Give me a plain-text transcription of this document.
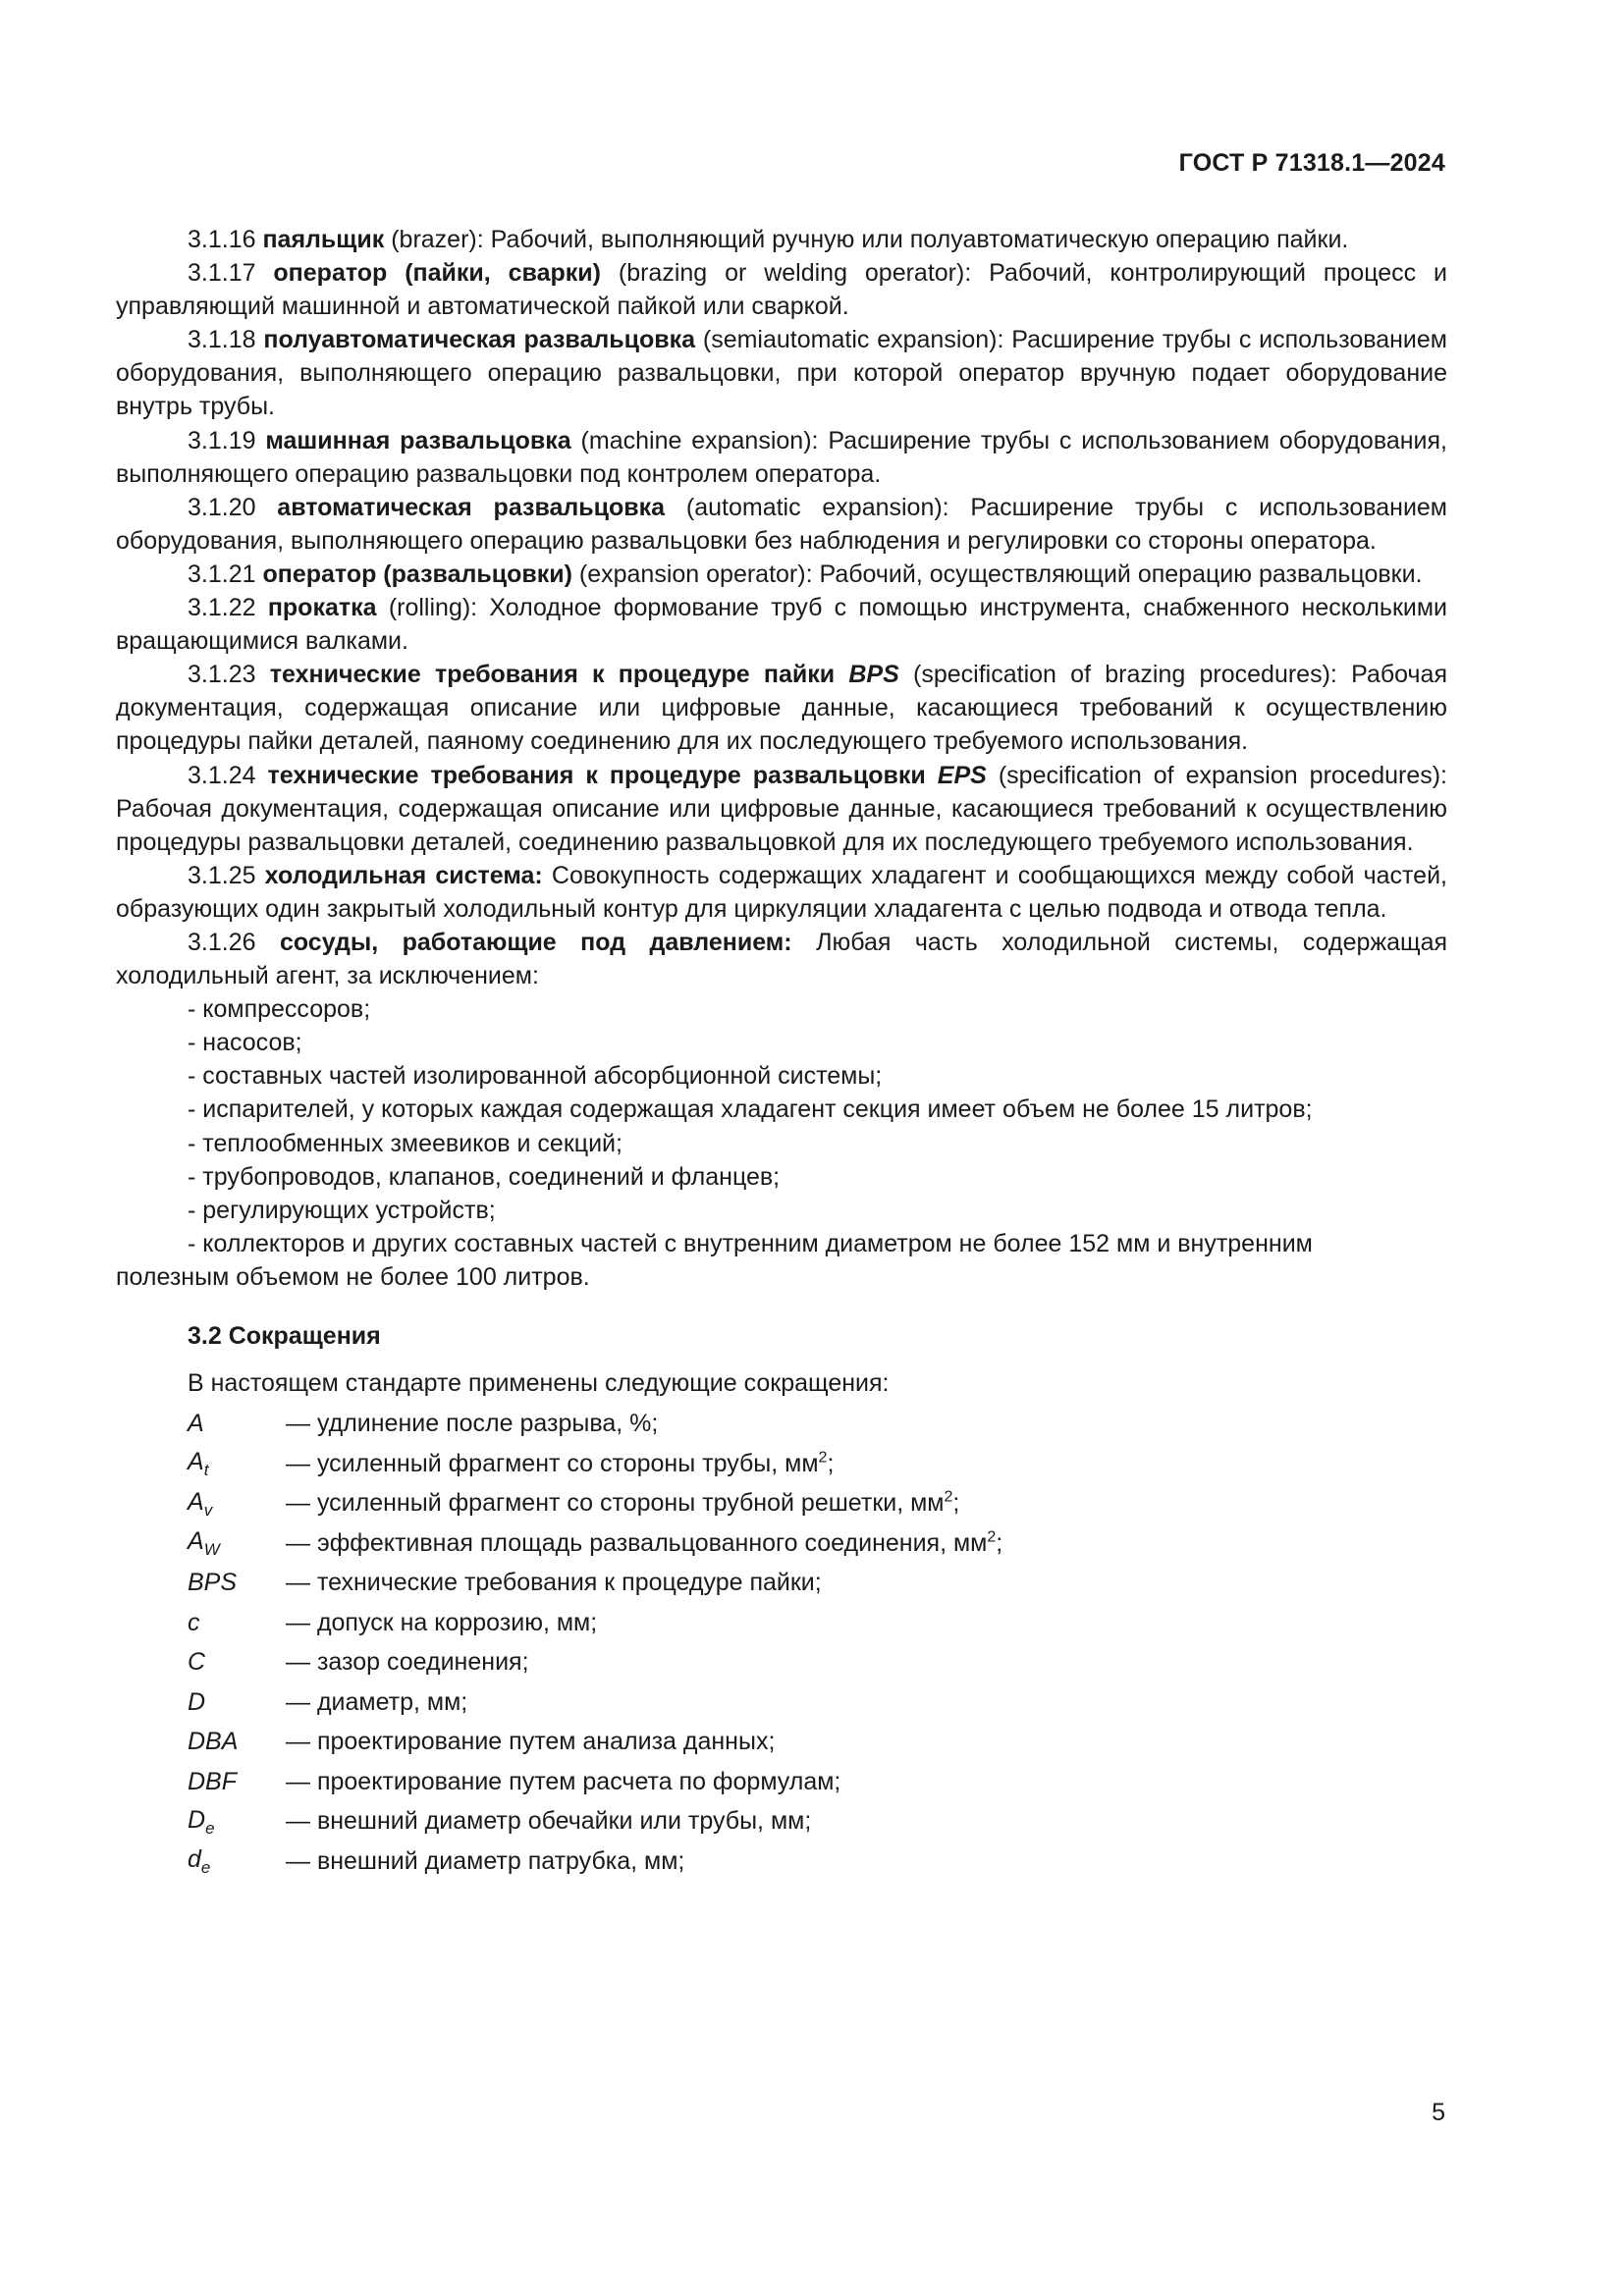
ГОСТ Р 71318.1—2024

3.1.16 паяльщик (brazer): Рабочий, выполняющий ручную или полуавтоматическую операцию пайки.

3.1.17 оператор (пайки, сварки) (brazing or welding operator): Рабочий, контролирующий процесс и управляющий машинной и автоматической пайкой или сваркой.

3.1.18 полуавтоматическая развальцовка (semiautomatic expansion): Расширение трубы с использованием оборудования, выполняющего операцию развальцовки, при которой оператор вручную подает оборудование внутрь трубы.

3.1.19 машинная развальцовка (machine expansion): Расширение трубы с использованием оборудования, выполняющего операцию развальцовки под контролем оператора.

3.1.20 автоматическая развальцовка (automatic expansion): Расширение трубы с использованием оборудования, выполняющего операцию развальцовки без наблюдения и регулировки со стороны оператора.

3.1.21 оператор (развальцовки) (expansion operator): Рабочий, осуществляющий операцию развальцовки.

3.1.22 прокатка (rolling): Холодное формование труб с помощью инструмента, снабженного несколькими вращающимися валками.

3.1.23 технические требования к процедуре пайки BPS (specification of brazing procedures): Рабочая документация, содержащая описание или цифровые данные, касающиеся требований к осуществлению процедуры пайки деталей, паяному соединению для их последующего требуемого использования.

3.1.24 технические требования к процедуре развальцовки EPS (specification of expansion procedures): Рабочая документация, содержащая описание или цифровые данные, касающиеся требований к осуществлению процедуры развальцовки деталей, соединению развальцовкой для их последующего требуемого использования.

3.1.25 холодильная система: Совокупность содержащих хладагент и сообщающихся между собой частей, образующих один закрытый холодильный контур для циркуляции хладагента с целью подвода и отвода тепла.

3.1.26 сосуды, работающие под давлением: Любая часть холодильной системы, содержащая холодильный агент, за исключением:

- компрессоров;

- насосов;

- составных частей изолированной абсорбционной системы;

- испарителей, у которых каждая содержащая хладагент секция имеет объем не более 15 литров;

- теплообменных змеевиков и секций;

- трубопроводов, клапанов, соединений и фланцев;

- регулирующих устройств;

- коллекторов и других составных частей с внутренним диаметром не более 152 мм и внутренним
полезным объемом не более 100 литров.

3.2 Сокращения
В настоящем стандарте применены следующие сокращения:
A	— удлинение после разрыва, %;
$A_t$	— усиленный фрагмент со стороны трубы, $мм^2$;
$A_v$	— усиленный фрагмент со стороны трубной решетки, $мм^2$;
$A_W$	— эффективная площадь развальцованного соединения, $мм^2$;
BPS	— технические требования к процедуре пайки;
c	— допуск на коррозию, мм;
C	— зазор соединения;
D	— диаметр, мм;
DBA	— проектирование путем анализа данных;
DBF	— проектирование путем расчета по формулам;
$D_e$	— внешний диаметр обечайки или трубы, мм;
$d_e$	— внешний диаметр патрубка, мм;
5
